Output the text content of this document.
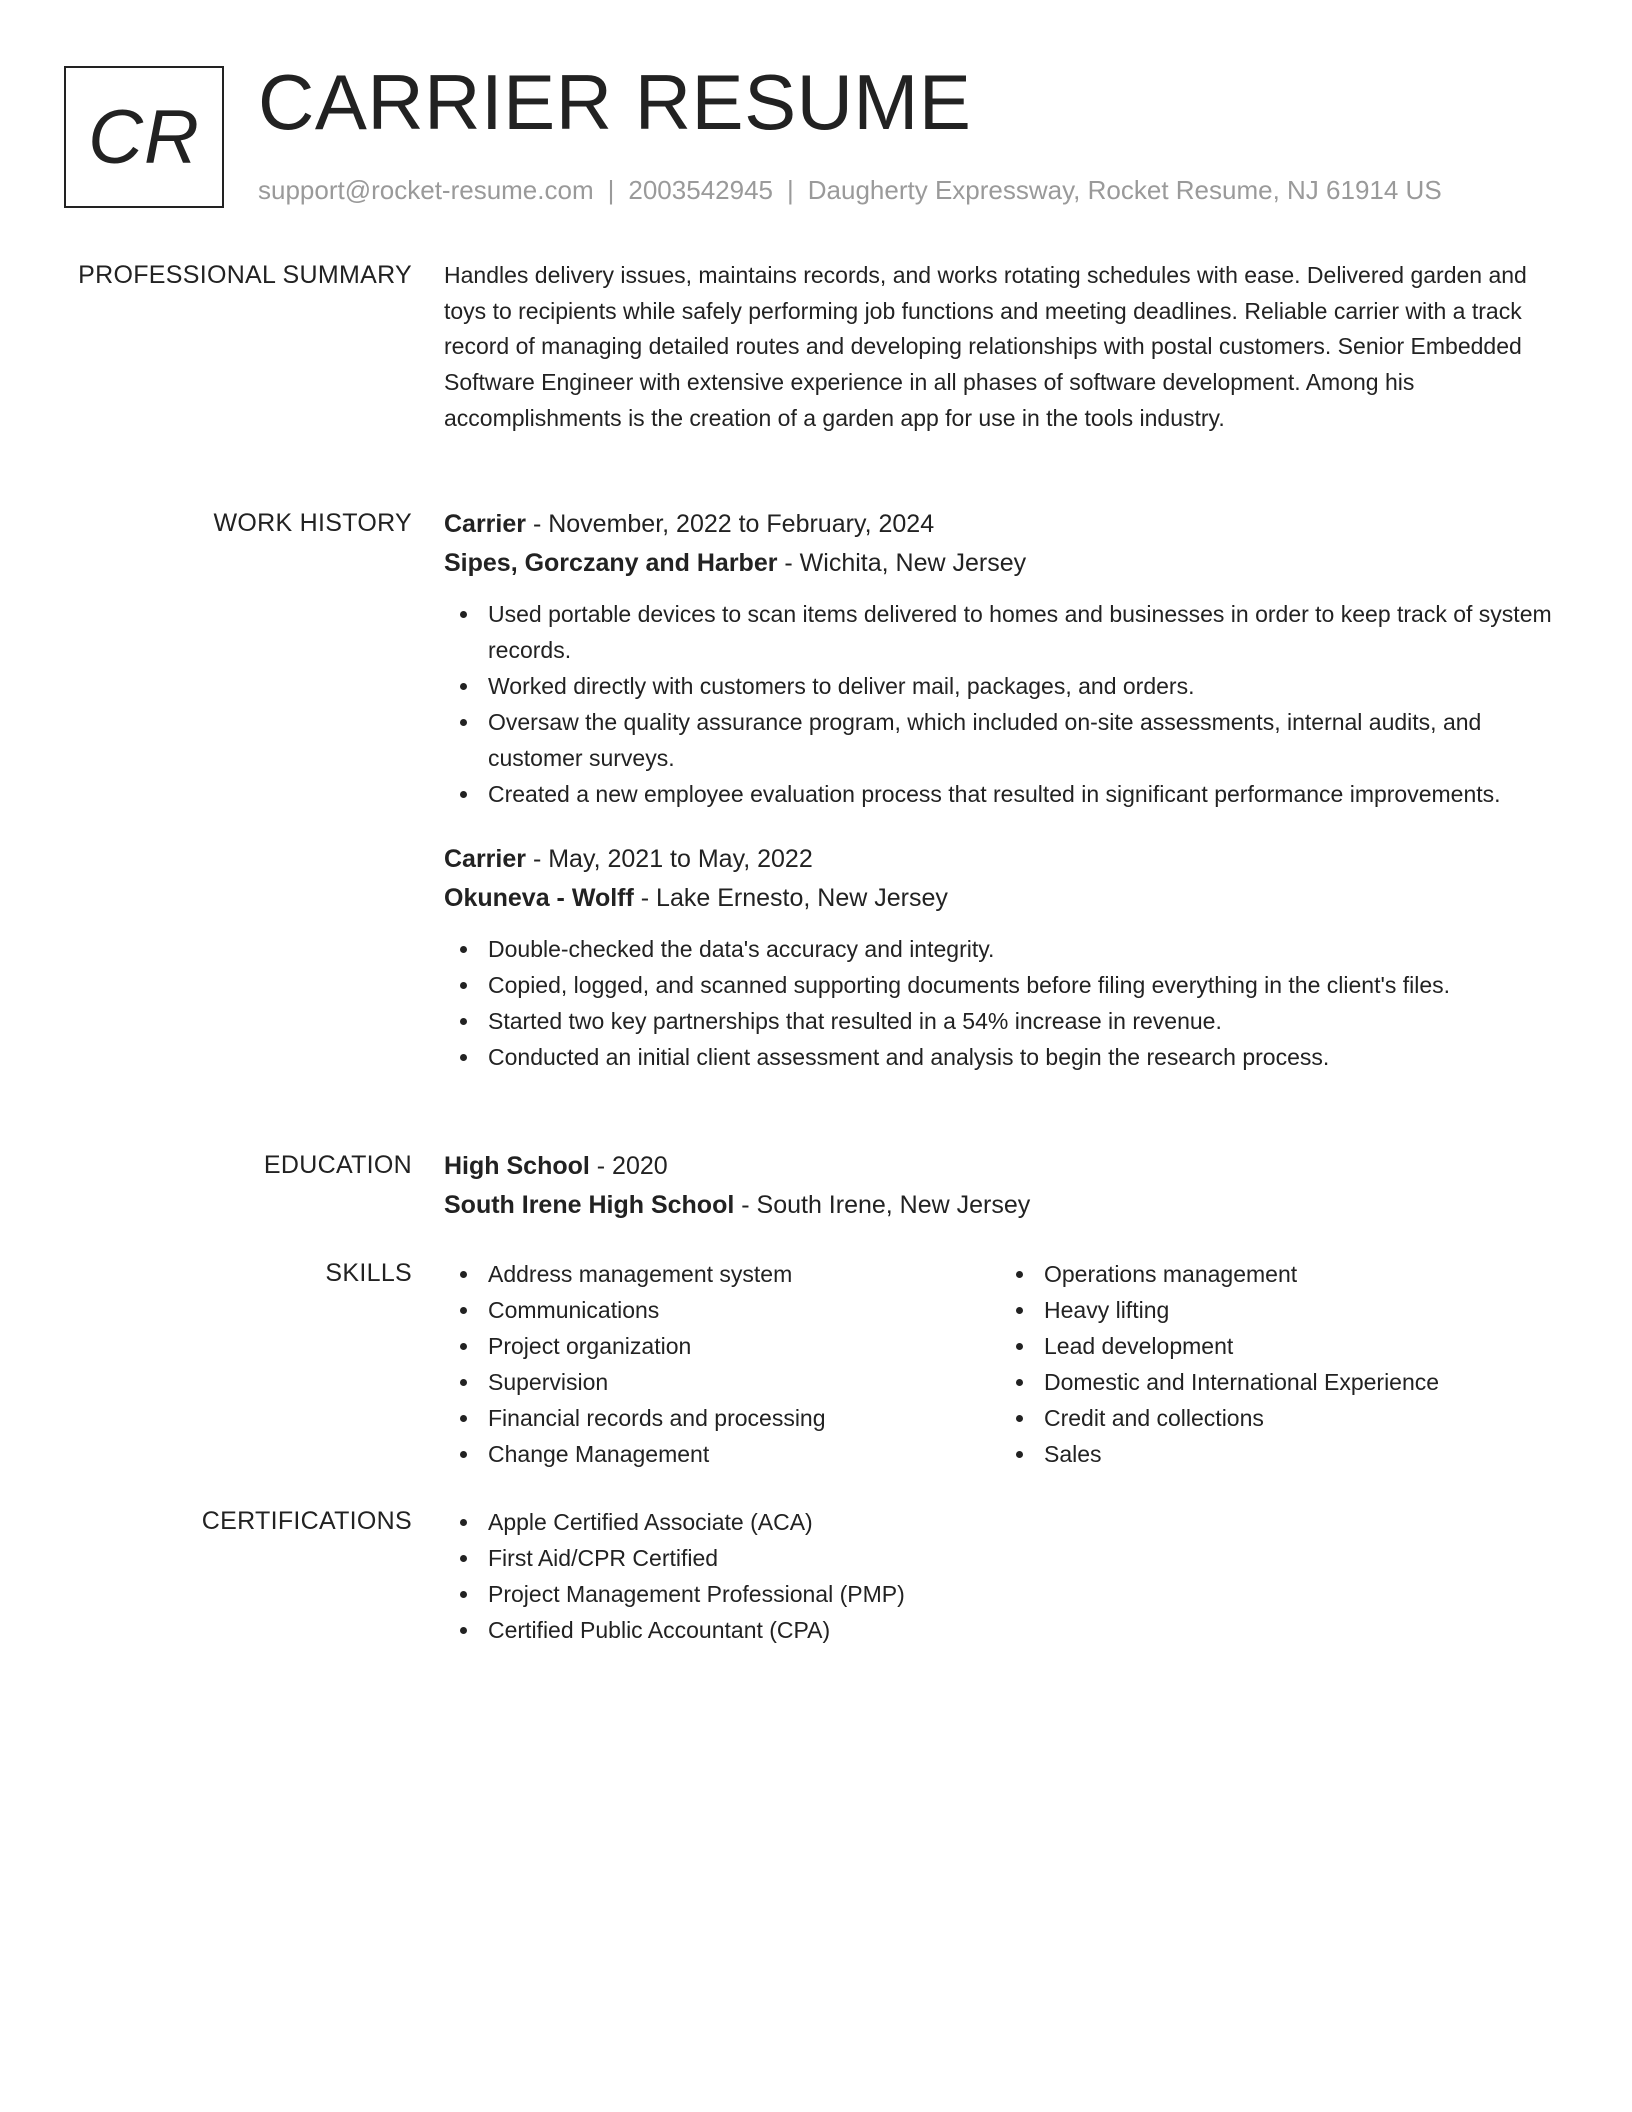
CR CARRIER RESUME
support@rocket-resume.com | 2003542945 | Daugherty Expressway, Rocket Resume, NJ 61914 US
PROFESSIONAL SUMMARY Handles delivery issues, maintains records, and works rotating schedules with ease. Delivered garden and toys to recipients while safely performing job functions and meeting deadlines. Reliable carrier with a track record of managing detailed routes and developing relationships with postal customers. Senior Embedded Software Engineer with extensive experience in all phases of software development. Among his accomplishments is the creation of a garden app for use in the tools industry.

WORK HISTORY Carrier - November, 2022 to February, 2024

Sipes, Gorczany and Harber - Wichita, New Jersey

Used portable devices to scan items delivered to homes and businesses in order to keep track of system records.
Worked directly with customers to deliver mail, packages, and orders.
Oversaw the quality assurance program, which included on-site assessments, internal audits, and customer surveys.
Created a new employee evaluation process that resulted in significant performance improvements.

Carrier - May, 2021 to May, 2022

Okuneva - Wolff - Lake Ernesto, New Jersey

Double-checked the data's accuracy and integrity.
Copied, logged, and scanned supporting documents before filing everything in the client's files.
Started two key partnerships that resulted in a 54% increase in revenue.
Conducted an initial client assessment and analysis to begin the research process.
EDUCATION High School - 2020

South Irene High School - South Irene, New Jersey

SKILLS	Address management system
Communications
Project organization
Supervision
Financial records and processing
Change Management
Operations management
Heavy lifting
Lead development
Domestic and International Experience
Credit and collections
Sales
CERTIFICATIONS	Apple Certified Associate (ACA)
First Aid/CPR Certified
Project Management Professional (PMP)
Certified Public Accountant (CPA)
